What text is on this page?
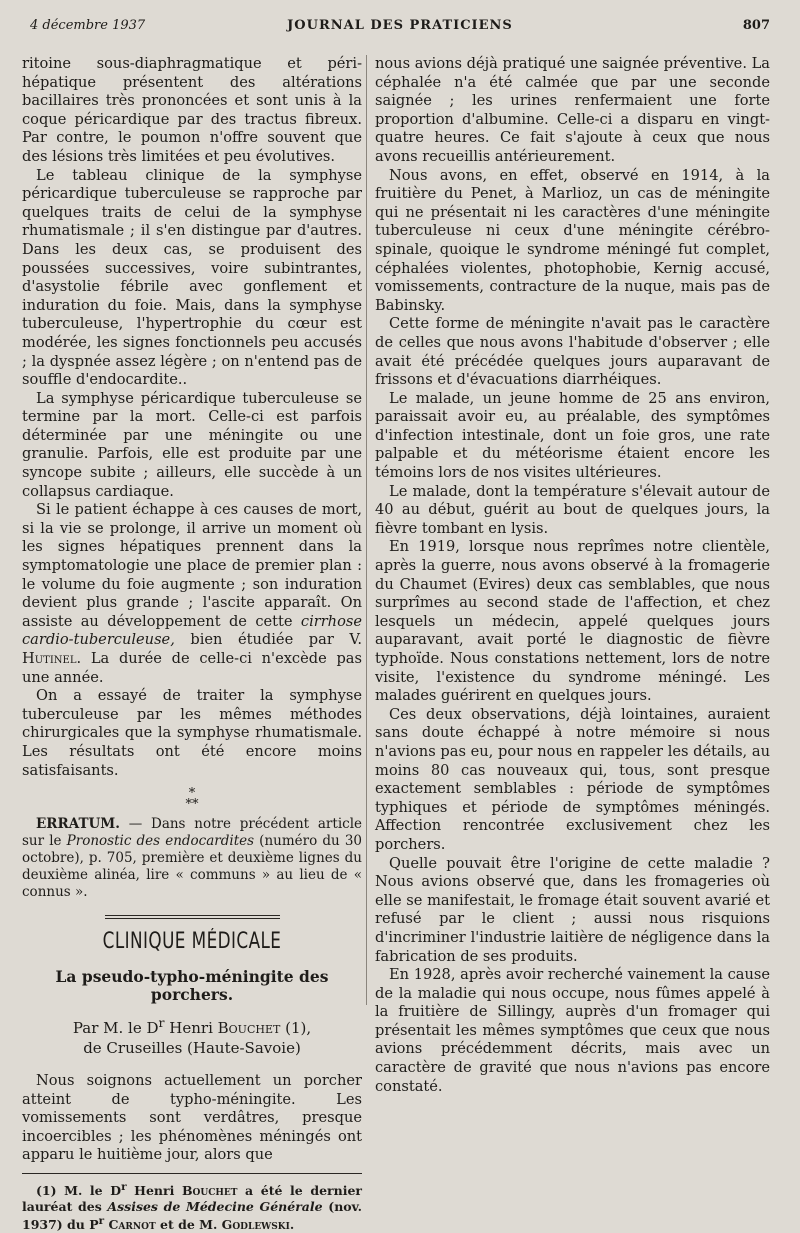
4 décembre 1937	JOURNAL DES PRATICIENS	807

ritoine sous-diaphragmatique et péri-hépatique présentent des altérations bacillaires très prononcées et sont unis à la coque péricardique par des tractus fibreux. Par contre, le poumon n'offre souvent que des lésions très limitées et peu évolutives.

Le tableau clinique de la symphyse péricardique tuberculeuse se rapproche par quelques traits de celui de la symphyse rhumatismale ; il s'en distingue par d'autres. Dans les deux cas, se produisent des poussées successives, voire subintrantes, d'asystolie fébrile avec gonflement et induration du foie. Mais, dans la symphyse tuberculeuse, l'hypertrophie du cœur est modérée, les signes fonctionnels peu accusés ; la dyspnée assez légère ; on n'entend pas de souffle d'endocardite..

La symphyse péricardique tuberculeuse se termine par la mort. Celle-ci est parfois déterminée par une méningite ou une granulie. Parfois, elle est produite par une syncope subite ; ailleurs, elle succède à un collapsus cardiaque.

Si le patient échappe à ces causes de mort, si la vie se prolonge, il arrive un moment où les signes hépatiques prennent dans la symptomatologie une place de premier plan : le volume du foie augmente ; son induration devient plus grande ; l'ascite apparaît. On assiste au développement de cette cirrhose cardio-tuberculeuse, bien étudiée par V. Hutinel. La durée de celle-ci n'excède pas une année.

On a essayé de traiter la symphyse tuberculeuse par les mêmes méthodes chirurgicales que la symphyse rhumatismale. Les résultats ont été encore moins satisfaisants.

*
**

ERRATUM. — Dans notre précédent article sur le Pronostic des endocardites (numéro du 30 octobre), p. 705, première et deuxième lignes du deuxième alinéa, lire « communs » au lieu de « connus ».

CLINIQUE MÉDICALE
La pseudo-typho-méningite des porchers.
Par M. le $D^r$ Henri Bouchet (1),
de Cruseilles (Haute-Savoie)

Nous soignons actuellement un porcher atteint de typho-méningite. Les vomissements sont verdâtres, presque incoercibles ; les phénomènes méningés ont apparu le huitième jour, alors que

(1) M. le $D^r$ Henri Bouchet a été le dernier lauréat des Assises de Médecine Générale (nov. 1937) du $P^r$ Carnot et de M. Godlewski.

nous avions déjà pratiqué une saignée préventive. La céphalée n'a été calmée que par une seconde saignée ; les urines renfermaient une forte proportion d'albumine. Celle-ci a disparu en vingt-quatre heures. Ce fait s'ajoute à ceux que nous avons recueillis antérieurement.

Nous avons, en effet, observé en 1914, à la fruitière du Penet, à Marlioz, un cas de méningite qui ne présentait ni les caractères d'une méningite tuberculeuse ni ceux d'une méningite cérébro-spinale, quoique le syndrome méningé fut complet, céphalées violentes, photophobie, Kernig accusé, vomissements, contracture de la nuque, mais pas de Babinsky.

Cette forme de méningite n'avait pas le caractère de celles que nous avons l'habitude d'observer ; elle avait été précédée quelques jours auparavant de frissons et d'évacuations diarrhéiques.

Le malade, un jeune homme de 25 ans environ, paraissait avoir eu, au préalable, des symptômes d'infection intestinale, dont un foie gros, une rate palpable et du météorisme étaient encore les témoins lors de nos visites ultérieures.

Le malade, dont la température s'élevait autour de 40 au début, guérit au bout de quelques jours, la fièvre tombant en lysis.

En 1919, lorsque nous reprîmes notre clientèle, après la guerre, nous avons observé à la fromagerie du Chaumet (Evires) deux cas semblables, que nous surprîmes au second stade de l'affection, et chez lesquels un médecin, appelé quelques jours auparavant, avait porté le diagnostic de fièvre typhoïde. Nous constations nettement, lors de notre visite, l'existence du syndrome méningé. Les malades guérirent en quelques jours.

Ces deux observations, déjà lointaines, auraient sans doute échappé à notre mémoire si nous n'avions pas eu, pour nous en rappeler les détails, au moins 80 cas nouveaux qui, tous, sont presque exactement semblables : période de symptômes typhiques et période de symptômes méningés. Affection rencontrée exclusivement chez les porchers.

Quelle pouvait être l'origine de cette maladie ? Nous avions observé que, dans les fromageries où elle se manifestait, le fromage était souvent avarié et refusé par le client ; aussi nous risquions d'incriminer l'industrie laitière de négligence dans la fabrication de ses produits.

En 1928, après avoir recherché vainement la cause de la maladie qui nous occupe, nous fûmes appelé à la fruitière de Sillingy, auprès d'un fromager qui présentait les mêmes symptômes que ceux que nous avions précédemment décrits, mais avec un caractère de gravité que nous n'avions pas encore constaté.
